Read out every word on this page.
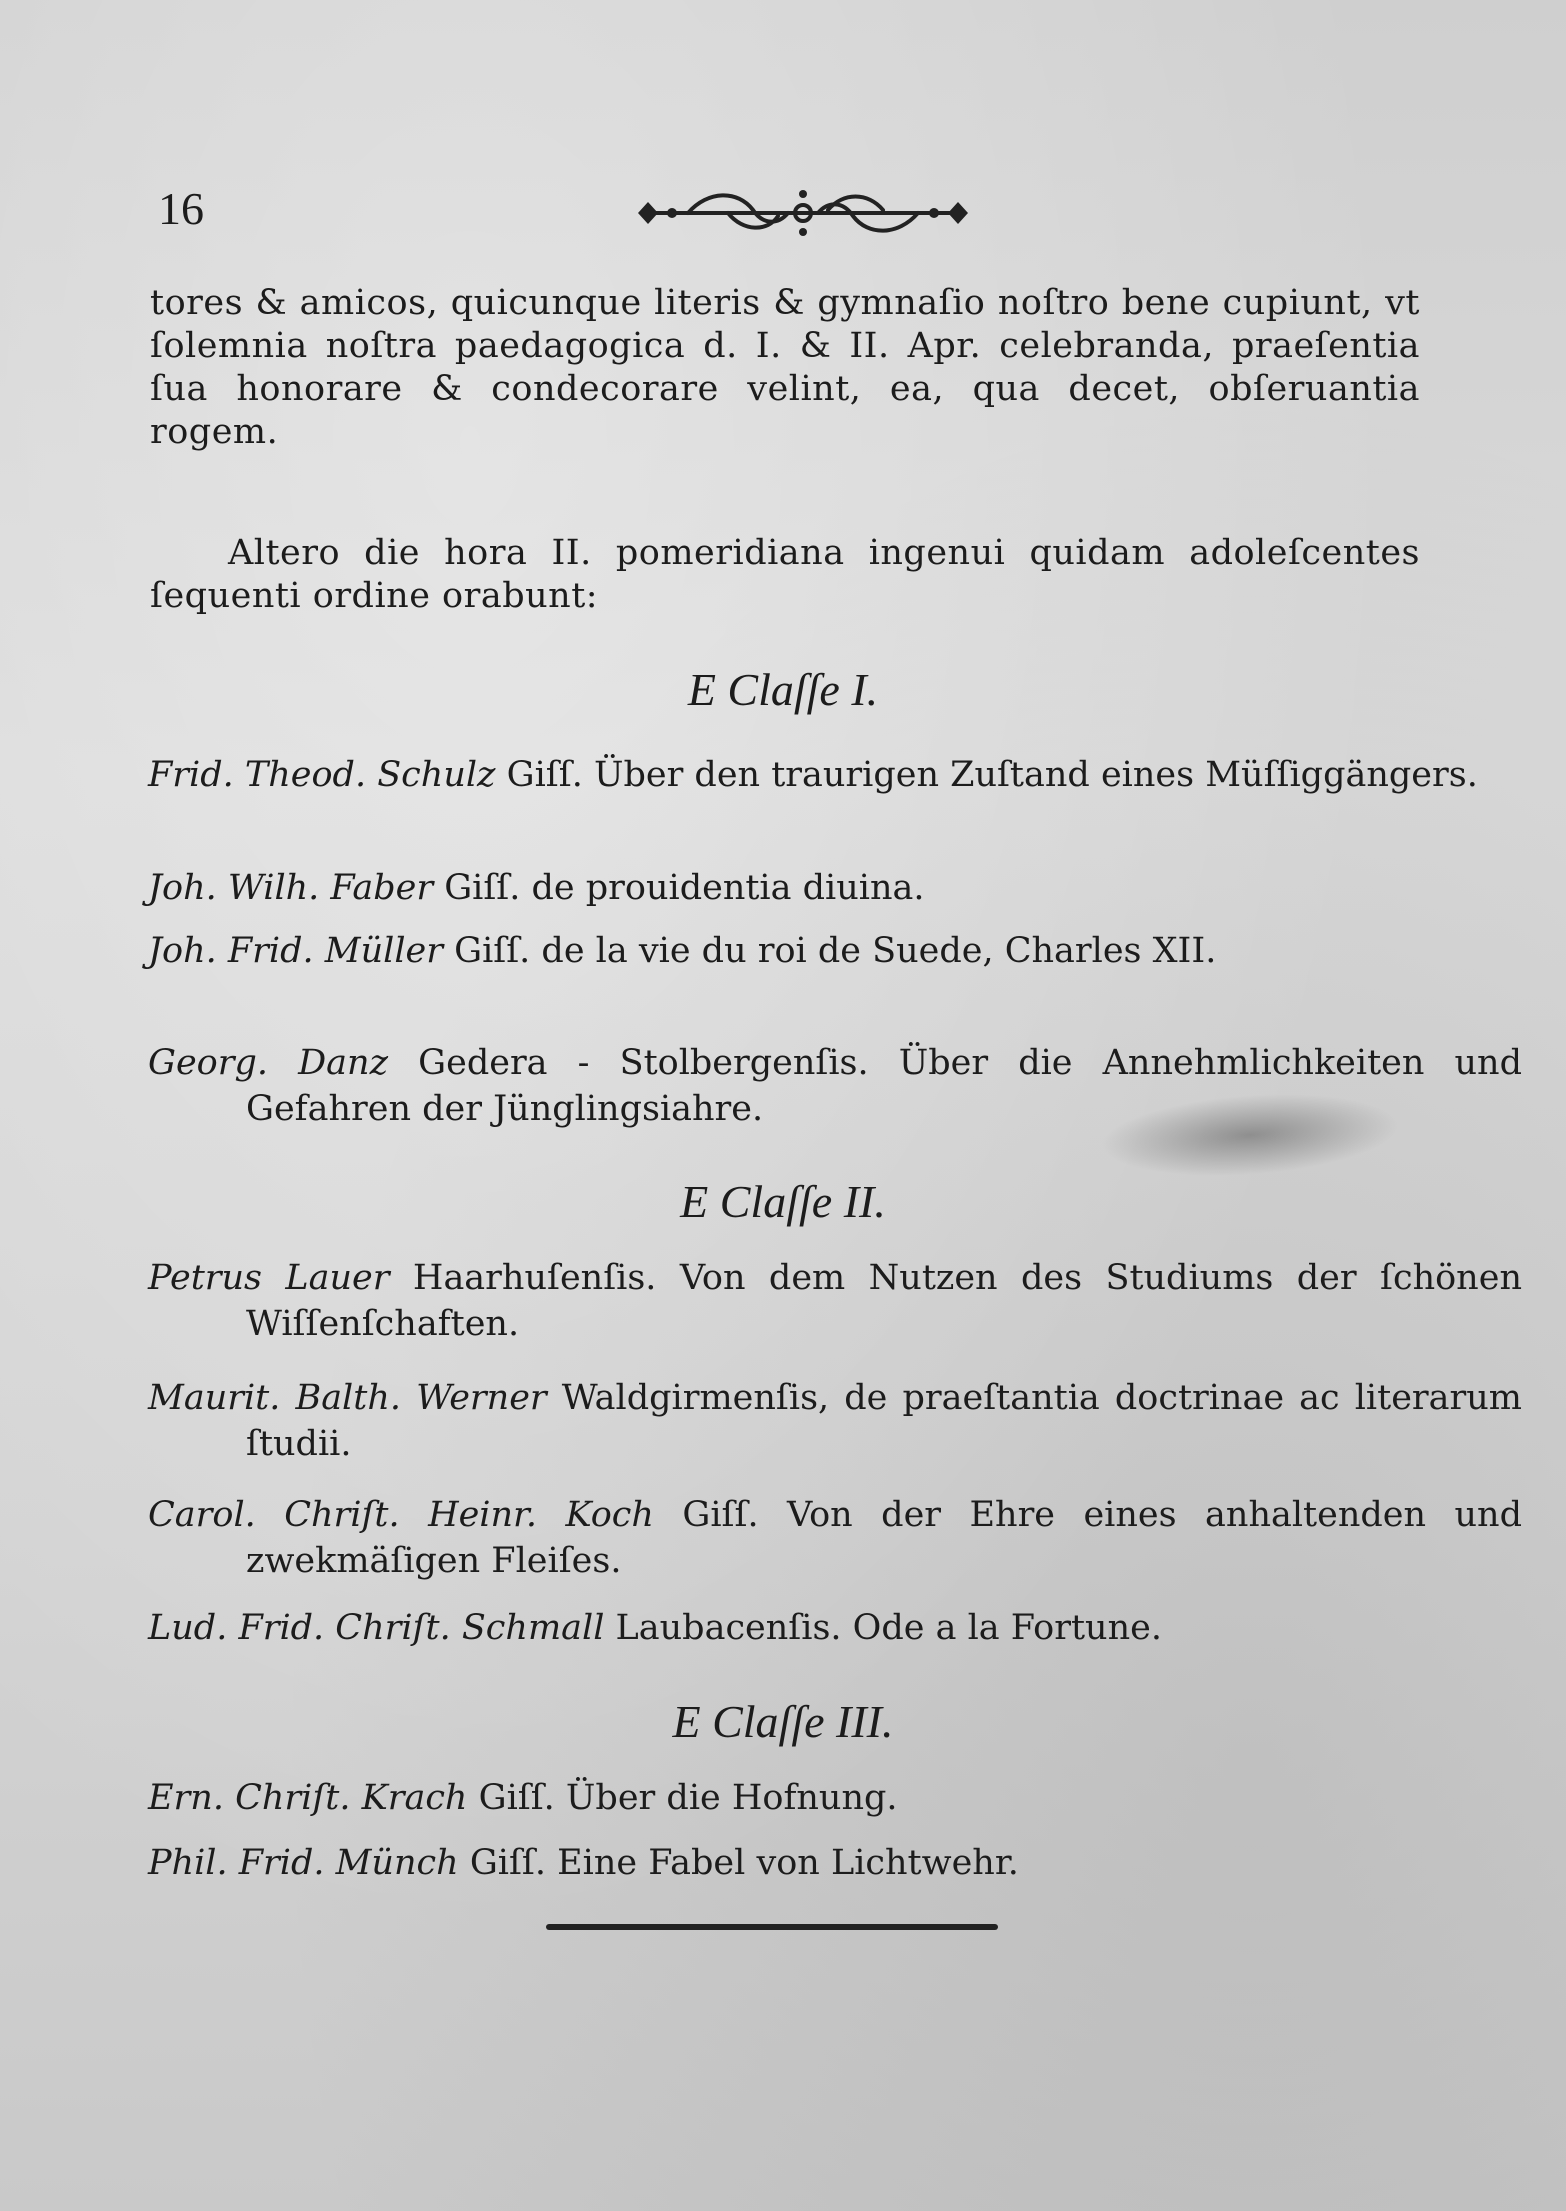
16
tores & amicos, quicunque literis & gymnaſio noſtro bene cupiunt, vt ſolemnia noſtra paedagogica d. I. & II. Apr. celebranda, praeſentia ſua honorare & condecorare velint, ea, qua decet, obſeruantia rogem.
Altero die hora II. pomeridiana ingenui quidam adoleſcentes ſequenti ordine orabunt:
E Claſſe I.
Frid. Theod. Schulz Giſſ. Über den traurigen Zuſtand eines Müſſiggängers.
Joh. Wilh. Faber Giſſ. de prouidentia diuina.
Joh. Frid. Müller Giſſ. de la vie du roi de Suede, Charles XII.
Georg. Danz Gedera - Stolbergenſis. Über die Annehmlichkeiten und Gefahren der Jünglingsiahre.
E Claſſe II.
Petrus Lauer Haarhuſenſis. Von dem Nutzen des Studiums der ſchönen Wiſſenſchaften.
Maurit. Balth. Werner Waldgirmenſis, de praeſtantia doctrinae ac literarum ſtudii.
Carol. Chriſt. Heinr. Koch Giſſ. Von der Ehre eines anhaltenden und zwekmäſigen Fleiſes.
Lud. Frid. Chriſt. Schmall Laubacenſis. Ode a la Fortune.
E Claſſe III.
Ern. Chriſt. Krach Giſſ. Über die Hofnung.
Phil. Frid. Münch Giſſ. Eine Fabel von Lichtwehr.
